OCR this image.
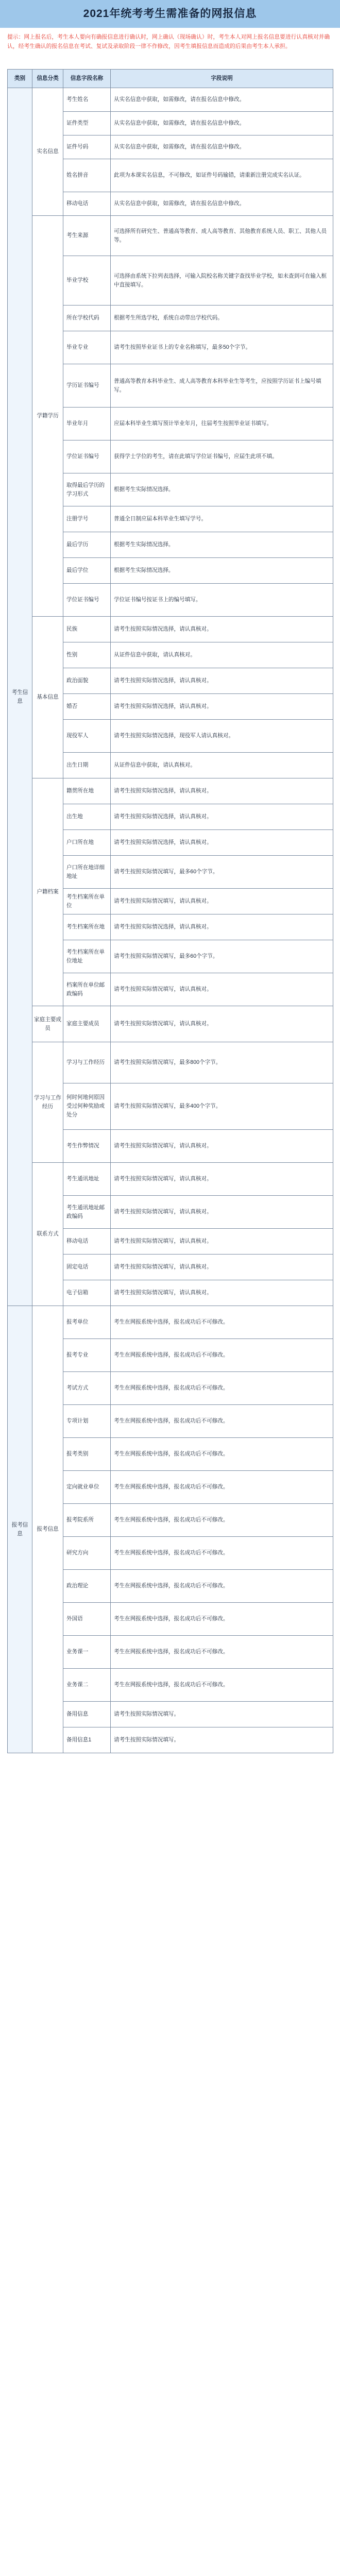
2021年统考考生需准备的网报信息
提示：网上报名后，考生本人要向有确报信息进行确认时，网上确认（现场确认）时，考生本人对网上报名信息要进行认真核对并确认，经考生确认的报名信息在考试、复试及录取阶段一律不作修改，因考生填报信息而造成的后果由考生本人承担。
类别	信息分类	信息字段名称	字段说明
考生信息	实名信息	考生姓名	从实名信息中获取，如需修改，请在报名信息中修改。
		证件类型	从实名信息中获取，如需修改，请在报名信息中修改。
		证件号码	从实名信息中获取，如需修改，请在报名信息中修改。
		姓名拼音	此项为本课实名信息，不可修改，如证件号码输错，请重新注册完成实名认证。
		移动电话	从实名信息中获取，如需修改，请在报名信息中修改。
	学籍学历	考生来源	可选择所有研究生、普通高等教育、成人高等教育、其他教育系统人员、职工、其他人员等。
		毕业学校	可选择由系统下拉列表选择，可输入院校名称关键字查找毕业学校，如未查到可在输入框中直接填写。
		所在学校代码	根据考生所选学校，系统自动带出学校代码。
		毕业专业	请考生按照毕业证书上的专业名称填写，最多50个字节。
		学历证书编号	普通高等教育本科毕业生、成人高等教育本科毕业生等考生，应按照学历证书上编号填写。
		毕业年月	应届本科毕业生填写预计毕业年月，往届考生按照毕业证书填写。
		学位证书编号	获得学士学位的考生，请在此填写学位证书编号，应届生此项不填。
		取得最后学历的学习形式	根据考生实际情况选择。
		注册学号	普通全日制应届本科毕业生填写学号。
		最后学历	根据考生实际情况选择。
		最后学位	根据考生实际情况选择。
		学位证书编号	学位证书编号按证书上的编号填写。
	基本信息	民族	请考生按照实际情况选择，请认真核对。
		性别	从证件信息中获取，请认真核对。
		政治面貌	请考生按照实际情况选择，请认真核对。
		婚否	请考生按照实际情况选择，请认真核对。
		现役军人	请考生按照实际情况选择，现役军人请认真核对。
		出生日期	从证件信息中获取，请认真核对。
	户籍档案	籍贯所在地	请考生按照实际情况选择，请认真核对。
		出生地	请考生按照实际情况选择，请认真核对。
		户口所在地	请考生按照实际情况选择，请认真核对。
		户口所在地详细地址	请考生按照实际情况填写，最多60个字节。
		考生档案所在单位	请考生按照实际情况填写，请认真核对。
		考生档案所在地	请考生按照实际情况选择，请认真核对。
		考生档案所在单位地址	请考生按照实际情况填写，最多60个字节。
		档案所在单位邮政编码	请考生按照实际情况填写，请认真核对。
	家庭主要成员	家庭主要成员	请考生按照实际情况填写，请认真核对。
	学习与工作经历	学习与工作经历	请考生按照实际情况填写，最多800个字节。
		何时何地何原因受过何种奖励或处分	请考生按照实际情况填写，最多400个字节。
		考生作弊情况	请考生按照实际情况填写，请认真核对。
	联系方式	考生通讯地址	请考生按照实际情况填写，请认真核对。
		考生通讯地址邮政编码	请考生按照实际情况填写，请认真核对。
		移动电话	请考生按照实际情况填写，请认真核对。
		固定电话	请考生按照实际情况填写，请认真核对。
		电子信箱	请考生按照实际情况填写，请认真核对。
报考信息	报考信息	报考单位	考生在网报系统中选择，报名成功后不可修改。
		报考专业	考生在网报系统中选择，报名成功后不可修改。
		考试方式	考生在网报系统中选择，报名成功后不可修改。
		专项计划	考生在网报系统中选择，报名成功后不可修改。
		报考类别	考生在网报系统中选择，报名成功后不可修改。
		定向就业单位	考生在网报系统中选择，报名成功后不可修改。
		报考院系所	考生在网报系统中选择，报名成功后不可修改。
		研究方向	考生在网报系统中选择，报名成功后不可修改。
		政治理论	考生在网报系统中选择，报名成功后不可修改。
		外国语	考生在网报系统中选择，报名成功后不可修改。
		业务课一	考生在网报系统中选择，报名成功后不可修改。
		业务课二	考生在网报系统中选择，报名成功后不可修改。
		备用信息	请考生按照实际情况填写。
		备用信息1	请考生按照实际情况填写。
